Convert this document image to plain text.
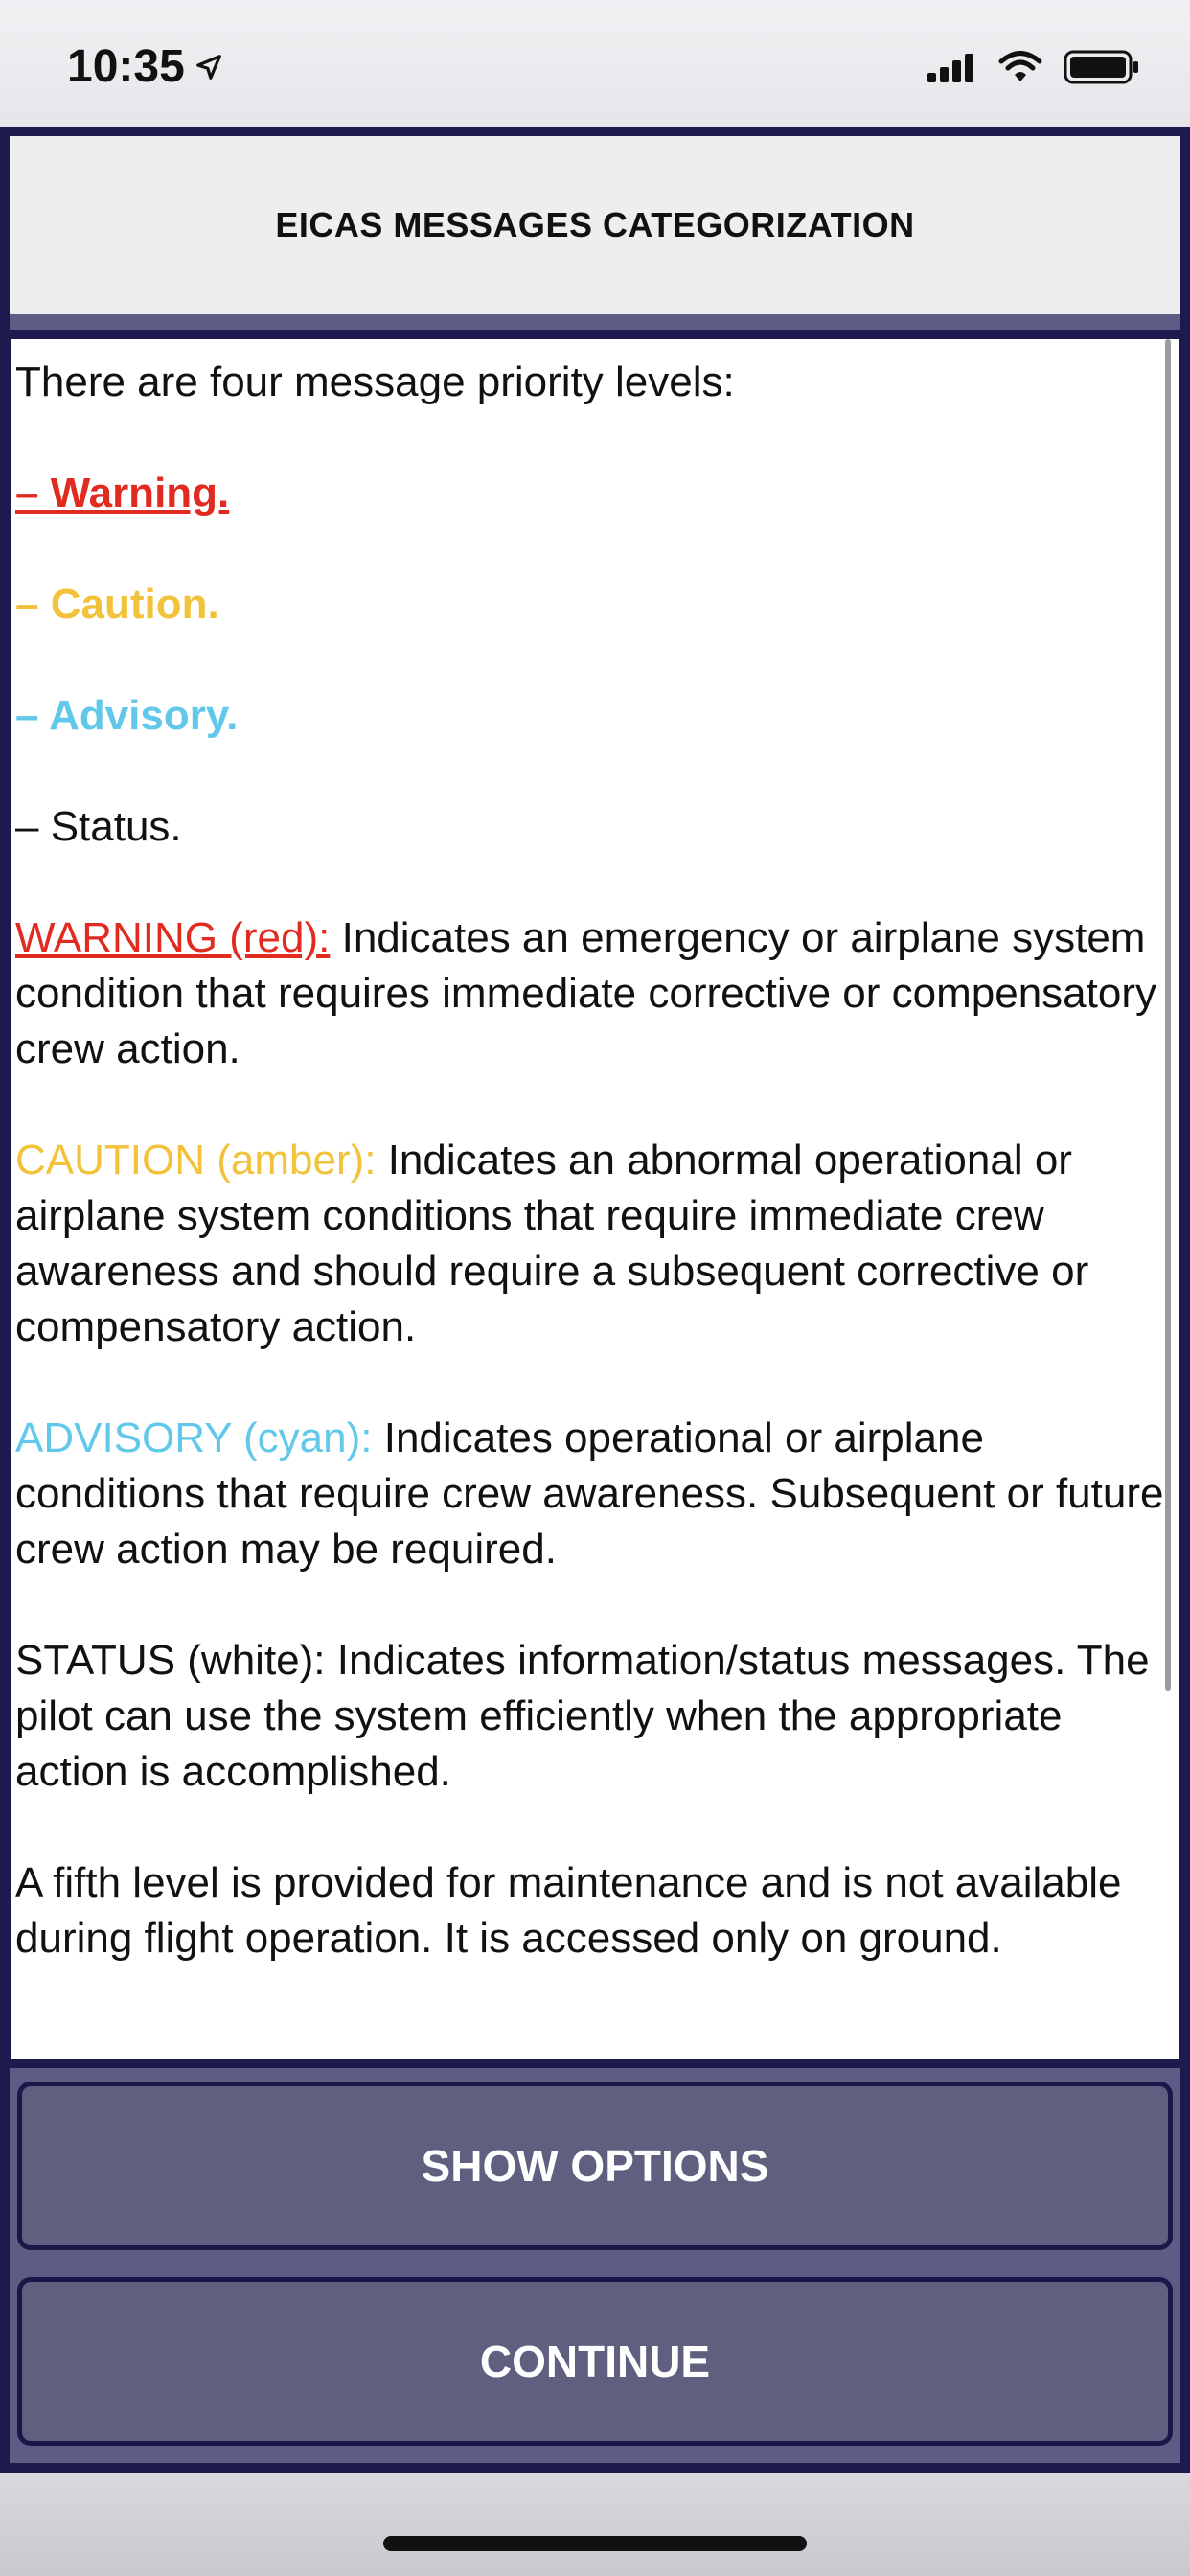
10:35
EICAS MESSAGES CATEGORIZATION
There are four message priority levels:
– Warning.
– Caution.
– Advisory.
– Status.
WARNING (red): Indicates an emergency or airplane system condition that requires immediate corrective or compensatory crew action.
CAUTION (amber): Indicates an abnormal operational or airplane system conditions that require immediate crew awareness and should require a subsequent corrective or compensatory action.
ADVISORY (cyan): Indicates operational or airplane conditions that require crew awareness. Subsequent or future crew action may be required.
STATUS (white): Indicates information/status messages. The pilot can use the system efficiently when the appropriate action is accomplished.
A fifth level is provided for maintenance and is not available during flight operation. It is accessed only on ground.
SHOW OPTIONS
CONTINUE
